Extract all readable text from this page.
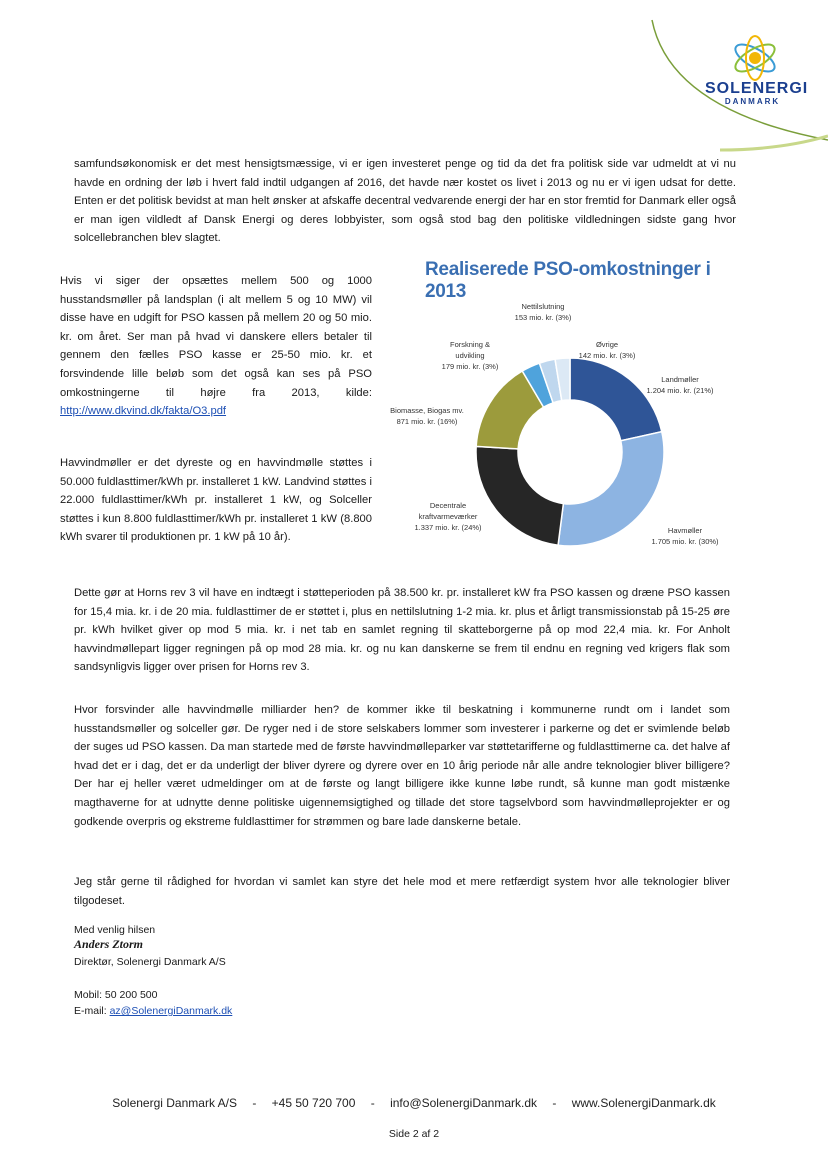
SOLENERGI
DANMARK
samfundsøkonomisk er det mest hensigtsmæssige, vi er igen investeret penge og tid da det fra politisk side var udmeldt at vi nu havde en ordning der løb i hvert fald indtil udgangen af 2016, det havde nær kostet os livet i 2013 og nu er vi igen udsat for dette. Enten er det politisk bevidst at man helt ønsker at afskaffe decentral vedvarende energi der har en stor fremtid for Danmark eller også er man igen vildledt af Dansk Energi og deres lobbyister, som også stod bag den politiske vildledningen sidste gang hvor solcellebranchen blev slagtet.
Hvis vi siger der opsættes mellem 500 og 1000 husstandsmøller på landsplan (i alt mellem 5 og 10 MW) vil disse have en udgift for PSO kassen på mellem 20 og 50 mio. kr. om året. Ser man på hvad vi danskere ellers betaler til gennem den fælles PSO kasse er 25-50 mio. kr. et forsvindende lille beløb som det også kan ses på PSO omkostningerne til højre fra 2013, kilde: http://www.dkvind.dk/fakta/O3.pdf
Havvindmøller er det dyreste og en havvindmølle støttes i 50.000 fuldlasttimer/kWh pr. installeret 1 kW. Landvind støttes i 22.000 fuldlasttimer/kWh pr. installeret 1 kW, og Solceller støttes i kun 8.800 fuldlasttimer/kWh pr. installeret 1 kW (8.800 kWh svarer til produktionen pr. 1 kW på 10 år).
Realiserede PSO-omkostninger i 2013
Landmøller
1.204 mio. kr. (21%)
Havmøller
1.705 mio. kr. (30%)
Decentrale
kraftvarmeværker
1.337 mio. kr. (24%)
Biomasse, Biogas mv.
871 mio. kr. (16%)
Forskning &
udvikling
179 mio. kr. (3%)
Nettilslutning
153 mio. kr. (3%)
Øvrige
142 mio. kr. (3%)
Dette gør at Horns rev 3 vil have en indtægt i støtteperioden på 38.500 kr. pr. installeret kW fra PSO kassen og dræne PSO kassen for 15,4 mia. kr. i de 20 mia. fuldlasttimer de er støttet i, plus en nettilslutning 1-2 mia. kr. plus et årligt transmissionstab på 15-25 øre pr. kWh hvilket giver op mod 5 mia. kr. i net tab en samlet regning til skatteborgerne på op mod 22,4 mia. kr. For Anholt havvindmøllepart ligger regningen på op mod 28 mia. kr. og nu kan danskerne se frem til endnu en regning ved krigers flak som sandsynligvis ligger over prisen for Horns rev 3.
Hvor forsvinder alle havvindmølle milliarder hen? de kommer ikke til beskatning i kommunerne rundt om i landet som husstandsmøller og solceller gør. De ryger ned i de store selskabers lommer som investerer i parkerne og det er svimlende beløb der suges ud PSO kassen. Da man startede med de første havvindmølleparker var støttetarifferne og fuldlasttimerne ca. det halve af hvad det er i dag, det er da underligt der bliver dyrere og dyrere over en 10 årig periode når alle andre teknologier bliver billigere? Der har ej heller været udmeldinger om at de første og langt billigere ikke kunne løbe rundt, så kunne man godt mistænke magthaverne for at udnytte denne politiske uigennemsigtighed og tillade det store tagselvbord som havvindmølleprojekter er og godkende overpris og ekstreme fuldlasttimer for strømmen og bare lade danskerne betale.
Jeg står gerne til rådighed for hvordan vi samlet kan styre det hele mod et mere retfærdigt system hvor alle teknologier bliver tilgodeset.
Med venlig hilsen
Anders Ztorm
Direktør, Solenergi Danmark A/S
Mobil: 50 200 500
E-mail: az@SolenergiDanmark.dk
Solenergi Danmark A/S - +45 50 720 700 - info@SolenergiDanmark.dk - www.SolenergiDanmark.dk
Side 2 af 2
